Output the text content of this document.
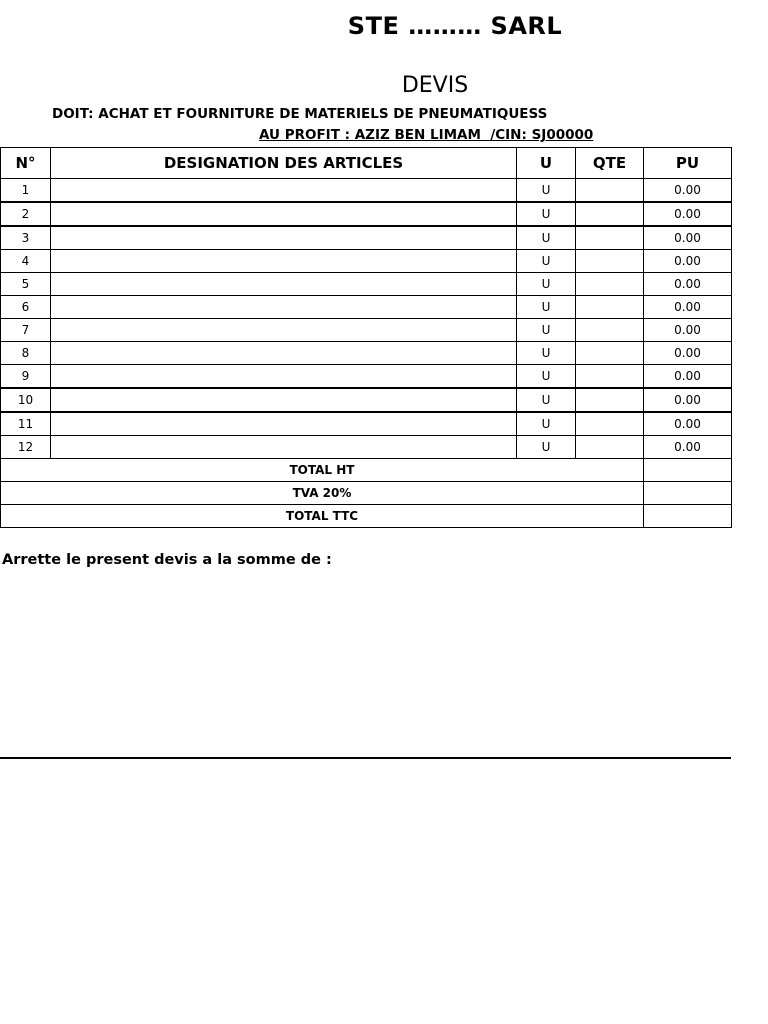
STE ……… SARL
DEVIS
DOIT: ACHAT ET FOURNITURE DE MATERIELS DE PNEUMATIQUESS
AU PROFIT : AZIZ BEN LIMAM  /CIN: SJ00000
N°	DESIGNATION DES ARTICLES	U	QTE	PU
1		U		0.00
2		U		0.00
3		U		0.00
4		U		0.00
5		U		0.00
6		U		0.00
7		U		0.00
8		U		0.00
9		U		0.00
10		U		0.00
11		U		0.00
12		U		0.00
TOTAL HT				
TVA 20%				
TOTAL TTC				
Arrette le present devis a la somme de :
